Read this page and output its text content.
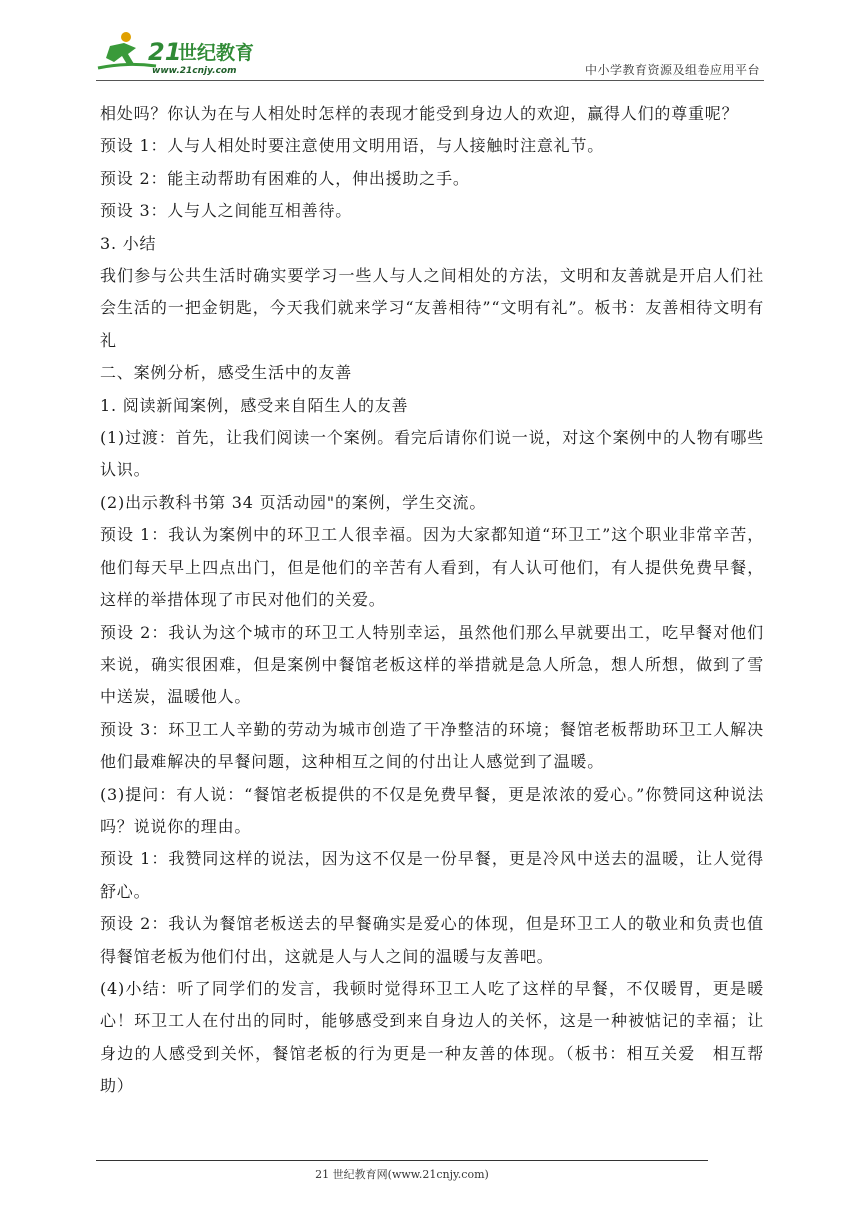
21
世纪教育
www.21cnjy.com	中小学教育资源及组卷应用平台

相处吗？你认为在与人相处时怎样的表现才能受到身边人的欢迎，赢得人们的尊重呢？

预设 1：人与人相处时要注意使用文明用语，与人接触时注意礼节。

预设 2：能主动帮助有困难的人，伸出援助之手。

预设 3：人与人之间能互相善待。

3. 小结

我们参与公共生活时确实要学习一些人与人之间相处的方法，文明和友善就是开启人们社会生活的一把金钥匙，今天我们就来学习“友善相待”“文明有礼”。板书：友善相待文明有礼

二、案例分析，感受生活中的友善

1. 阅读新闻案例，感受来自陌生人的友善

(1)过渡：首先，让我们阅读一个案例。看完后请你们说一说，对这个案例中的人物有哪些认识。

(2)出示教科书第 34 页活动园"的案例，学生交流。

预设 1：我认为案例中的环卫工人很幸福。因为大家都知道“环卫工”这个职业非常辛苦，他们每天早上四点出门，但是他们的辛苦有人看到，有人认可他们，有人提供免费早餐，这样的举措体现了市民对他们的关爱。

预设 2：我认为这个城市的环卫工人特别幸运，虽然他们那么早就要出工，吃早餐对他们来说，确实很困难，但是案例中餐馆老板这样的举措就是急人所急，想人所想，做到了雪中送炭，温暖他人。

预设 3：环卫工人辛勤的劳动为城市创造了干净整洁的环境；餐馆老板帮助环卫工人解决他们最难解决的早餐问题，这种相互之间的付出让人感觉到了温暖。

(3)提问：有人说：“餐馆老板提供的不仅是免费早餐，更是浓浓的爱心。”你赞同这种说法吗？说说你的理由。

预设 1：我赞同这样的说法，因为这不仅是一份早餐，更是冷风中送去的温暖，让人觉得舒心。

预设 2：我认为餐馆老板送去的早餐确实是爱心的体现，但是环卫工人的敬业和负责也值得餐馆老板为他们付出，这就是人与人之间的温暖与友善吧。

(4)小结：听了同学们的发言，我顿时觉得环卫工人吃了这样的早餐，不仅暖胃，更是暖心！环卫工人在付出的同时，能够感受到来自身边人的关怀，这是一种被惦记的幸福；让身边的人感受到关怀，餐馆老板的行为更是一种友善的体现。（板书：相互关爱　相互帮助）

21 世纪教育网(www.21cnjy.com)
